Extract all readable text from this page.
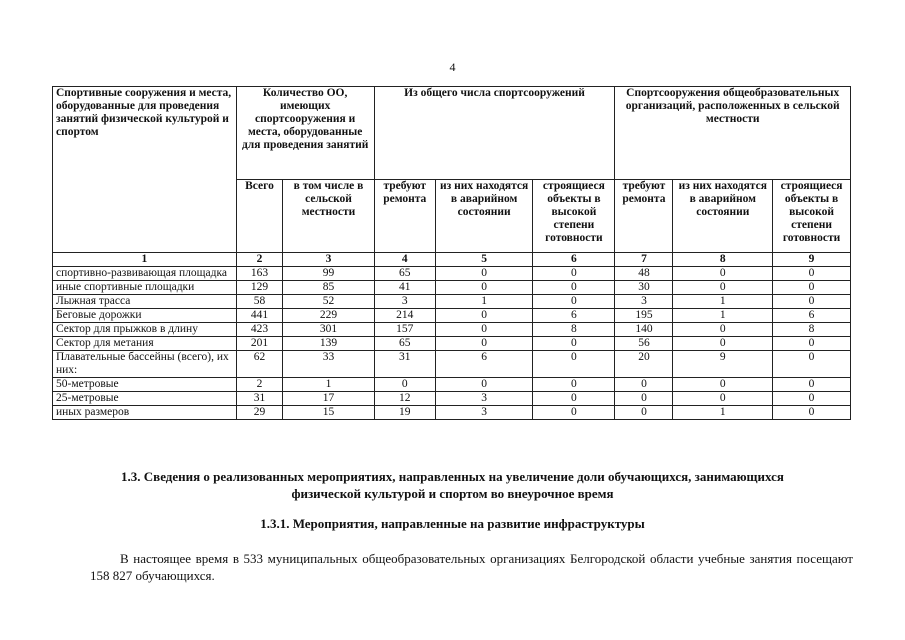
4
Спортивные сооружения и места, оборудованные для проведения занятий физической культурой и спортом	Количество ОО, имеющих спортсооружения и места, оборудованные для проведения занятий		Из общего числа спортсооружений			Спортсооружения общеобразовательных организаций, расположенных в сельской местности		
	Всего	в том числе в сельской местности	требуют ремонта	из них находятся в аварийном состоянии	строящиеся объекты в высокой степени готовности	требуют ремонта	из них находятся в аварийном состоянии	строящиеся объекты в высокой степени готовности
1	2	3	4	5	6	7	8	9
спортивно-развивающая площадка	163	99	65	0	0	48	0	0
иные спортивные площадки	129	85	41	0	0	30	0	0
Лыжная трасса	58	52	3	1	0	3	1	0
Беговые дорожки	441	229	214	0	6	195	1	6
Сектор для прыжков в длину	423	301	157	0	8	140	0	8
Сектор для метания	201	139	65	0	0	56	0	0
Плавательные бассейны (всего), их них:	62	33	31	6	0	20	9	0
50-метровые	2	1	0	0	0	0	0	0
25-метровые	31	17	12	3	0	0	0	0
иных размеров	29	15	19	3	0	0	1	0
1.3. Сведения о реализованных мероприятиях, направленных на увеличение доли обучающихся, занимающихся физической культурой и спортом во внеурочное время
1.3.1. Мероприятия, направленные на развитие инфраструктуры
В настоящее время в 533 муниципальных общеобразовательных организациях Белгородской области учебные занятия посещают 158 827 обучающихся.
